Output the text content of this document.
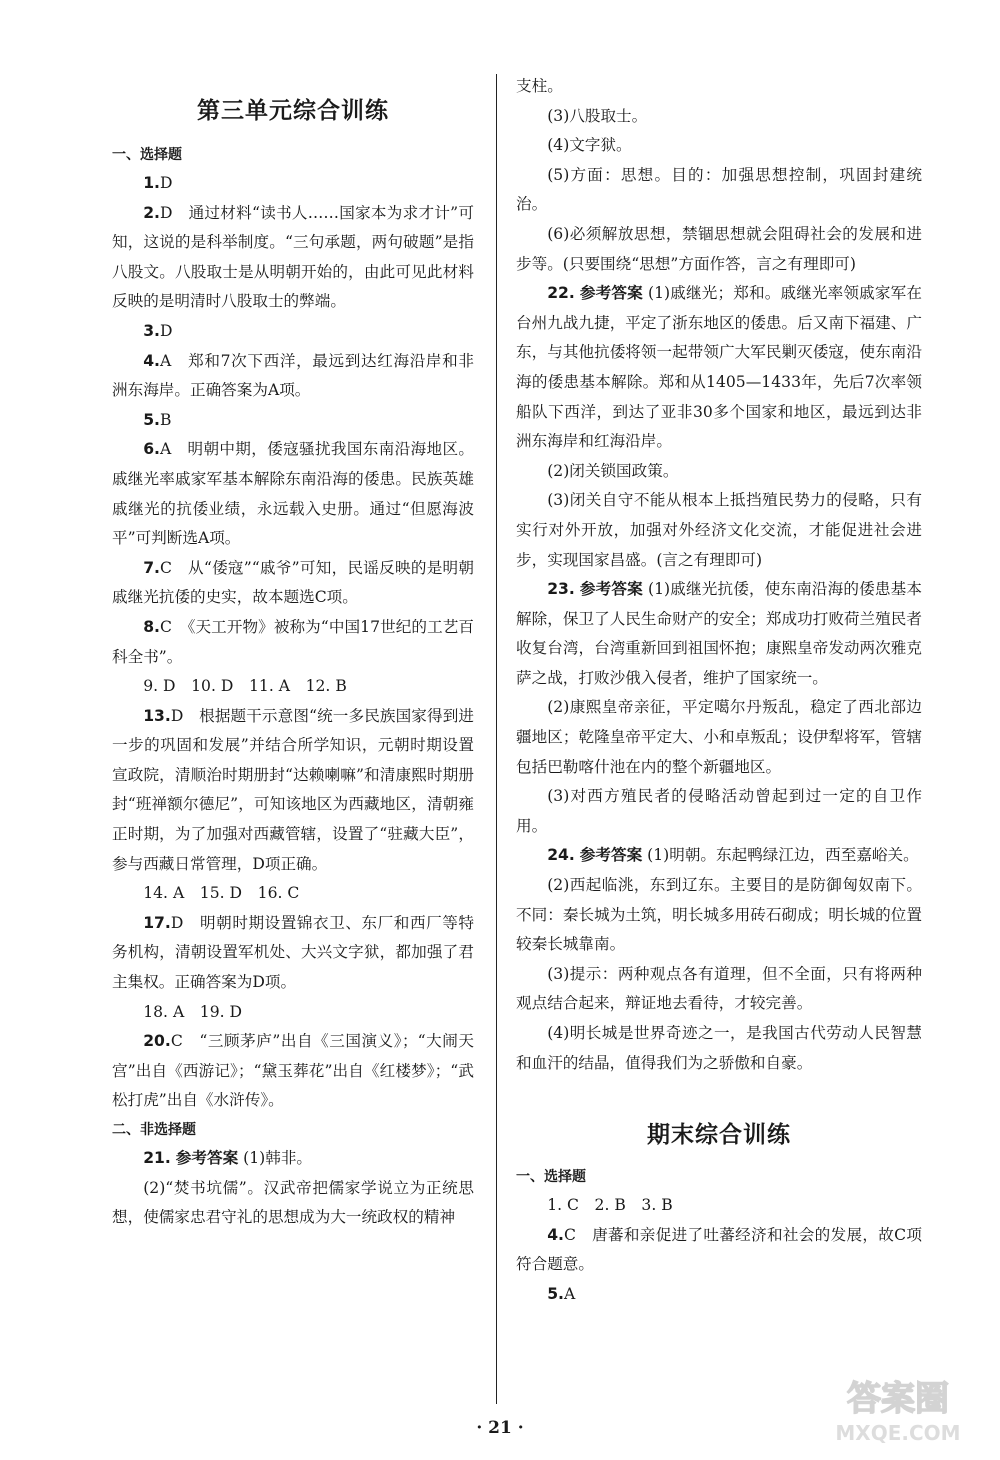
第三单元综合训练
一、选择题

1.D

2.D　通过材料“读书人……国家本为求才计”可知，这说的是科举制度。“三句承题，两句破题”是指八股文。八股取士是从明朝开始的，由此可见此材料反映的是明清时八股取士的弊端。

3.D

4.A　郑和7次下西洋，最远到达红海沿岸和非洲东海岸。正确答案为A项。

5.B

6.A　明朝中期，倭寇骚扰我国东南沿海地区。戚继光率戚家军基本解除东南沿海的倭患。民族英雄戚继光的抗倭业绩，永远载入史册。通过“但愿海波平”可判断选A项。

7.C　从“倭寇”“戚爷”可知，民谣反映的是明朝戚继光抗倭的史实，故本题选C项。

8.C　《天工开物》被称为“中国17世纪的工艺百科全书”。

9. D　10. D　11. A　12. B

13.D　根据题干示意图“统一多民族国家得到进一步的巩固和发展”并结合所学知识，元朝时期设置宣政院，清顺治时期册封“达赖喇嘛”和清康熙时期册封“班禅额尔德尼”，可知该地区为西藏地区，清朝雍正时期，为了加强对西藏管辖，设置了“驻藏大臣”，参与西藏日常管理，D项正确。

14. A　15. D　16. C

17.D　明朝时期设置锦衣卫、东厂和西厂等特务机构，清朝设置军机处、大兴文字狱，都加强了君主集权。正确答案为D项。

18. A　19. D

20.C　“三顾茅庐”出自《三国演义》；“大闹天宫”出自《西游记》；“黛玉葬花”出自《红楼梦》；“武松打虎”出自《水浒传》。

二、非选择题

21. 参考答案 (1)韩非。

(2)“焚书坑儒”。汉武帝把儒家学说立为正统思想，使儒家忠君守礼的思想成为大一统政权的精神

支柱。

(3)八股取士。

(4)文字狱。

(5)方面：思想。目的：加强思想控制，巩固封建统治。

(6)必须解放思想，禁锢思想就会阻碍社会的发展和进步等。(只要围绕“思想”方面作答，言之有理即可)

22. 参考答案 (1)戚继光；郑和。戚继光率领戚家军在台州九战九捷，平定了浙东地区的倭患。后又南下福建、广东，与其他抗倭将领一起带领广大军民剿灭倭寇，使东南沿海的倭患基本解除。郑和从1405—1433年，先后7次率领船队下西洋，到达了亚非30多个国家和地区，最远到达非洲东海岸和红海沿岸。

(2)闭关锁国政策。

(3)闭关自守不能从根本上抵挡殖民势力的侵略，只有实行对外开放，加强对外经济文化交流，才能促进社会进步，实现国家昌盛。(言之有理即可)

23. 参考答案 (1)戚继光抗倭，使东南沿海的倭患基本解除，保卫了人民生命财产的安全；郑成功打败荷兰殖民者收复台湾，台湾重新回到祖国怀抱；康熙皇帝发动两次雅克萨之战，打败沙俄入侵者，维护了国家统一。

(2)康熙皇帝亲征，平定噶尔丹叛乱，稳定了西北部边疆地区；乾隆皇帝平定大、小和卓叛乱；设伊犁将军，管辖包括巴勒喀什池在内的整个新疆地区。

(3)对西方殖民者的侵略活动曾起到过一定的自卫作用。

24. 参考答案 (1)明朝。东起鸭绿江边，西至嘉峪关。

(2)西起临洮，东到辽东。主要目的是防御匈奴南下。不同：秦长城为土筑，明长城多用砖石砌成；明长城的位置较秦长城靠南。

(3)提示：两种观点各有道理，但不全面，只有将两种观点结合起来，辩证地去看待，才较完善。

(4)明长城是世界奇迹之一，是我国古代劳动人民智慧和血汗的结晶，值得我们为之骄傲和自豪。

期末综合训练
一、选择题

1. C　2. B　3. B

4.C　唐蕃和亲促进了吐蕃经济和社会的发展，故C项符合题意。

5.A

· 21 ·
答案圈
MXQE.COM
